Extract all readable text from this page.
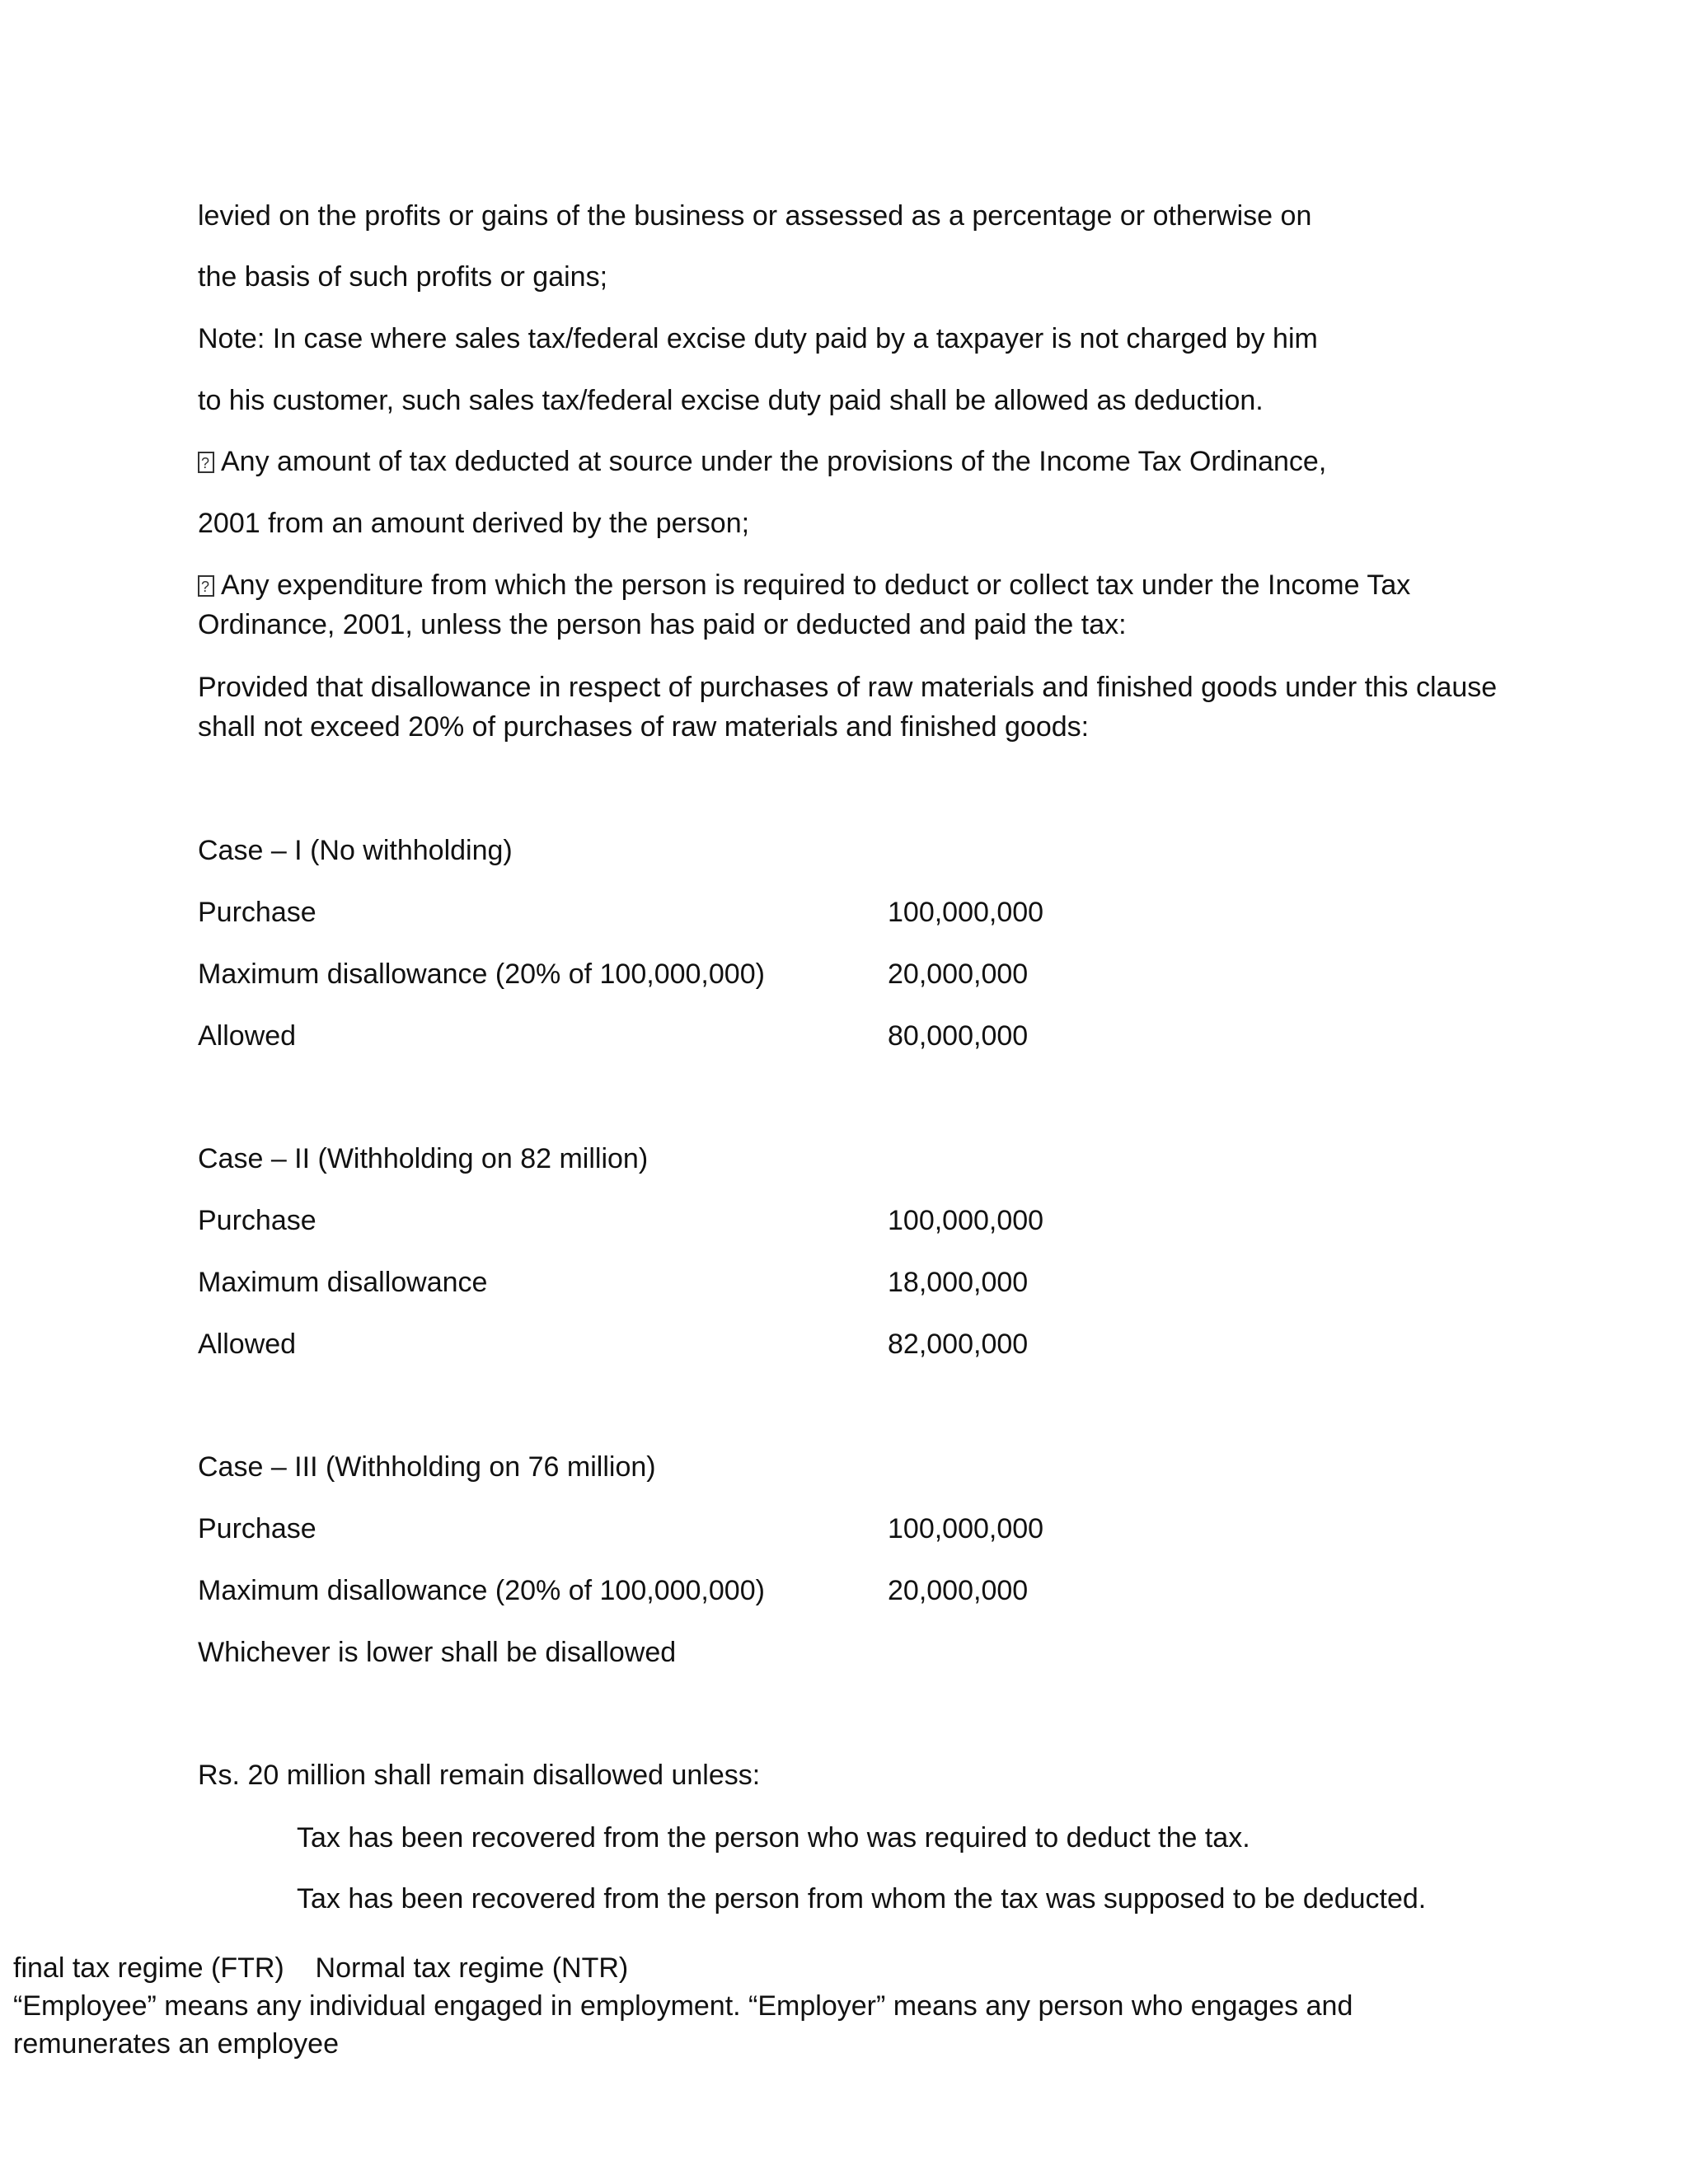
levied on the profits or gains of the business or assessed as a percentage or otherwise on
the basis of such profits or gains;
Note: In case where sales tax/federal excise duty paid by a taxpayer is not charged by him
to his customer, such sales tax/federal excise duty paid shall be allowed as deduction.
?Any amount of tax deducted at source under the provisions of the Income Tax Ordinance,
2001 from an amount derived by the person;
?Any expenditure from which the person is required to deduct or collect tax under the Income Tax
Ordinance, 2001, unless the person has paid or deducted and paid the tax:
Provided that disallowance in respect of purchases of raw materials and finished goods under this clause
shall not exceed 20% of purchases of raw materials and finished goods:
Case – I (No withholding)
Purchase	100,000,000
Maximum disallowance (20% of 100,000,000)	20,000,000
Allowed	80,000,000
Case – II (Withholding on 82 million)
Purchase	100,000,000
Maximum disallowance	18,000,000
Allowed	82,000,000
Case – III (Withholding on 76 million)
Purchase	100,000,000
Maximum disallowance (20% of 100,000,000)	20,000,000
Whichever is lower shall be disallowed
Rs. 20 million shall remain disallowed unless:
Tax has been recovered from the person who was required to deduct the tax.
Tax has been recovered from the person from whom the tax was supposed to be deducted.
final tax regime (FTR)    Normal tax regime (NTR)
“Employee” means any individual engaged in employment. “Employer” means any person who engages and
remunerates an employee
